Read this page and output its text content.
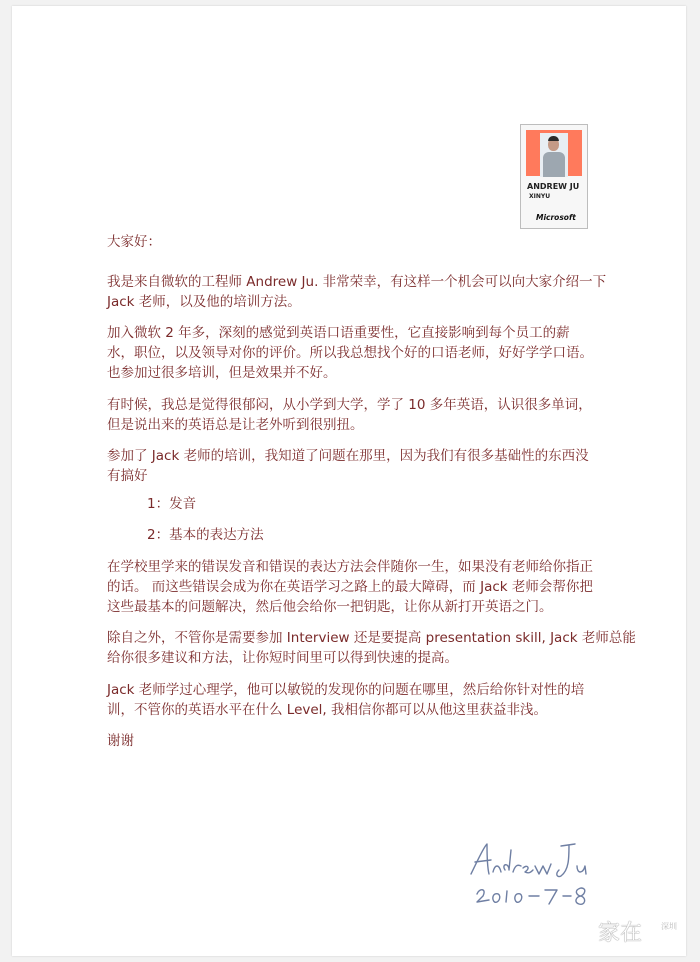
ANDREW JU
XINYU
Microsoft
大家好：
我是来自微软的工程师 Andrew Ju. 非常荣幸，有这样一个机会可以向大家介绍一下
Jack 老师，以及他的培训方法。
加入微软 2 年多，深刻的感觉到英语口语重要性，它直接影响到每个员工的薪
水，职位，以及领导对你的评价。所以我总想找个好的口语老师，好好学学口语。
也参加过很多培训，但是效果并不好。
有时候，我总是觉得很郁闷，从小学到大学，学了 10 多年英语，认识很多单词，
但是说出来的英语总是让老外听到很别扭。
参加了 Jack 老师的培训，我知道了问题在那里，因为我们有很多基础性的东西没
有搞好
1：发音
2：基本的表达方法
在学校里学来的错误发音和错误的表达方法会伴随你一生，如果没有老师给你指正
的话。 而这些错误会成为你在英语学习之路上的最大障碍，而 Jack 老师会帮你把
这些最基本的问题解决，然后他会给你一把钥匙，让你从新打开英语之门。
除自之外，不管你是需要参加 Interview 还是要提高 presentation skill, Jack 老师总能
给你很多建议和方法，让你短时间里可以得到快速的提高。
Jack 老师学过心理学，他可以敏锐的发现你的问题在哪里，然后给你针对性的培
训，不管你的英语水平在什么 Level, 我相信你都可以从他这里获益非浅。
谢谢
家在 深圳
